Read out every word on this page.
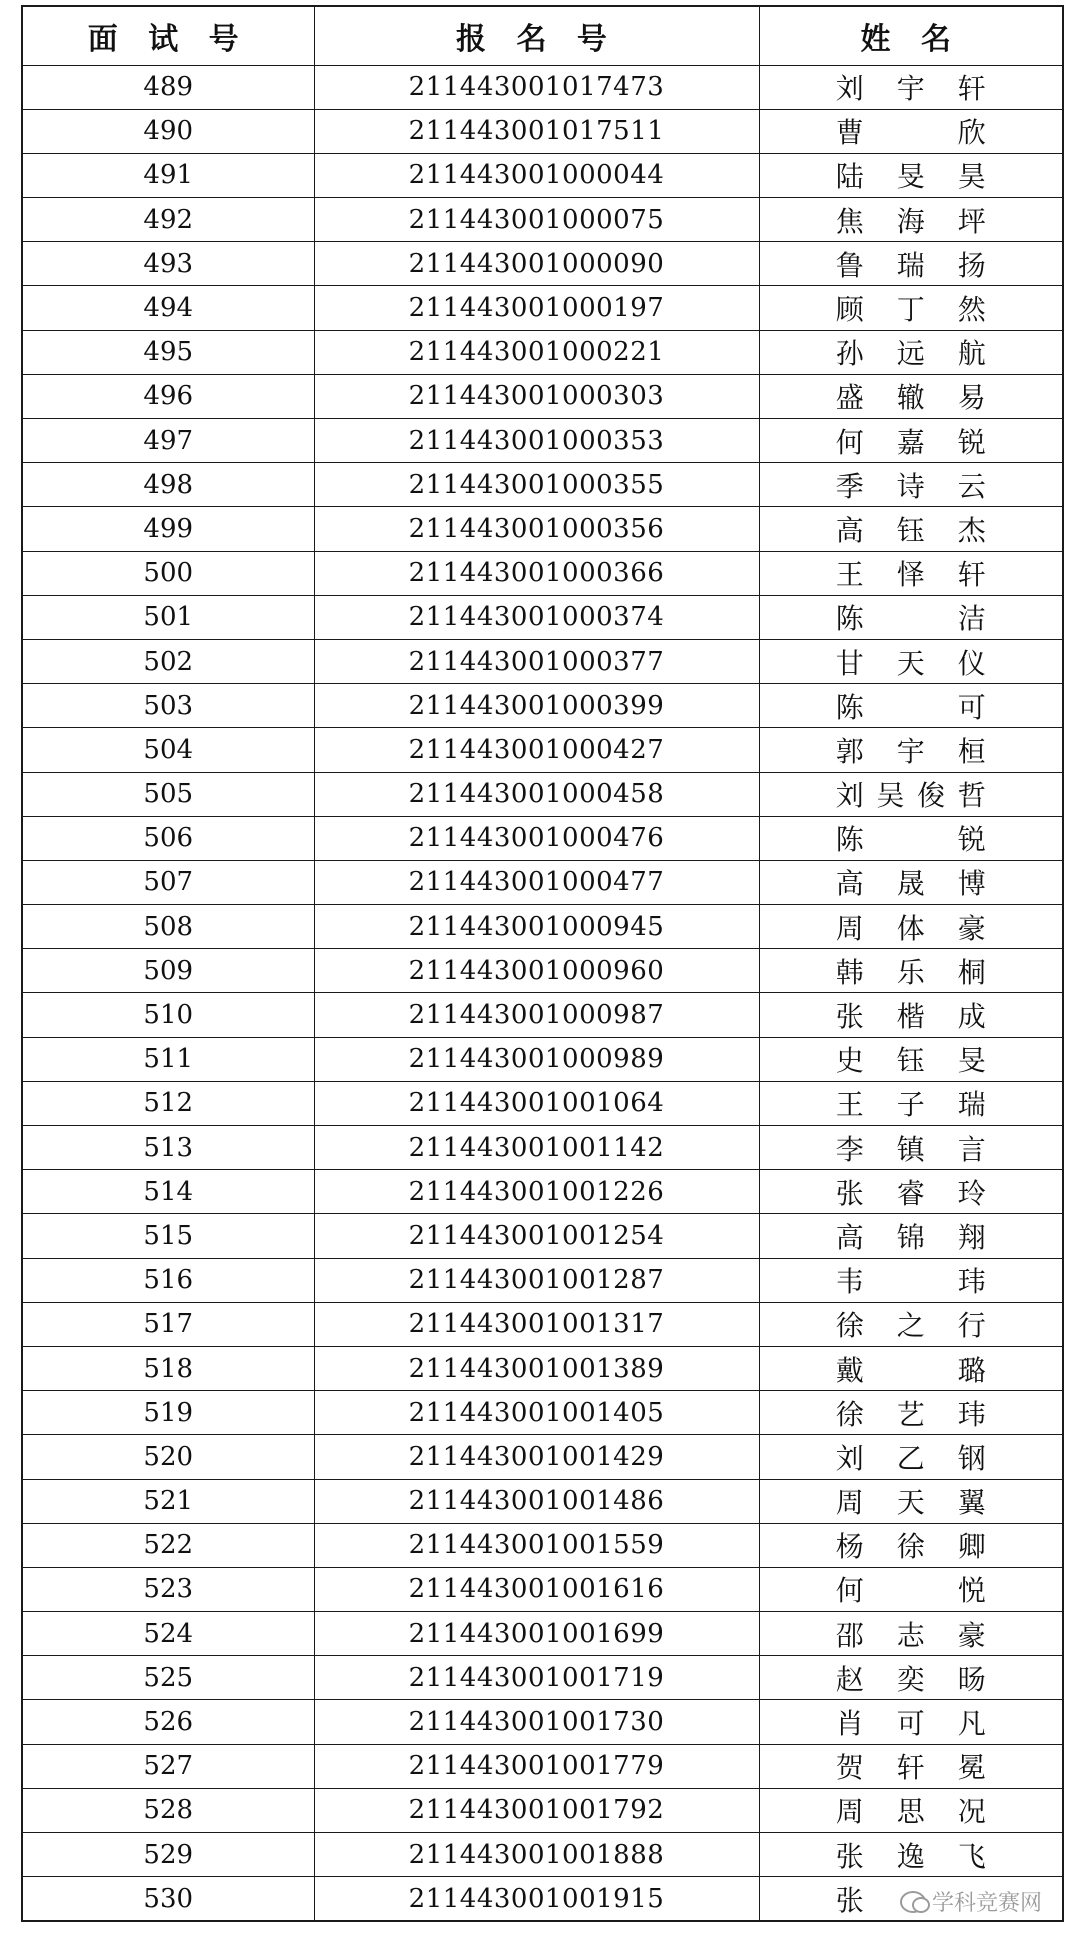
面 试 号	报 名 号	姓 名
489	211443001017473	刘 宇 轩

490	211443001017511	曹 欣

491	211443001000044	陆 旻 昊

492	211443001000075	焦 海 坪

493	211443001000090	鲁 瑞 扬

494	211443001000197	顾 丁 然

495	211443001000221	孙 远 航

496	211443001000303	盛 辙 易

497	211443001000353	何 嘉 锐

498	211443001000355	季 诗 云

499	211443001000356	高 钰 杰

500	211443001000366	王 怿 轩

501	211443001000374	陈 洁

502	211443001000377	甘 天 仪

503	211443001000399	陈 可

504	211443001000427	郭 宇 桓

505	211443001000458	刘 吴 俊 哲

506	211443001000476	陈 锐

507	211443001000477	高 晟 博

508	211443001000945	周 体 豪

509	211443001000960	韩 乐 桐

510	211443001000987	张 楷 成

511	211443001000989	史 钰 旻

512	211443001001064	王 子 瑞

513	211443001001142	李 镇 言

514	211443001001226	张 睿 玲

515	211443001001254	高 锦 翔

516	211443001001287	韦 玮

517	211443001001317	徐 之 行

518	211443001001389	戴 璐

519	211443001001405	徐 艺 玮

520	211443001001429	刘 乙 钢

521	211443001001486	周 天 翼

522	211443001001559	杨 徐 卿

523	211443001001616	何 悦

524	211443001001699	邵 志 豪

525	211443001001719	赵 奕 旸

526	211443001001730	肖 可 凡

527	211443001001779	贺 轩 冕

528	211443001001792	周 思 况

529	211443001001888	张 逸 飞

530	211443001001915	张	学科竞赛网
